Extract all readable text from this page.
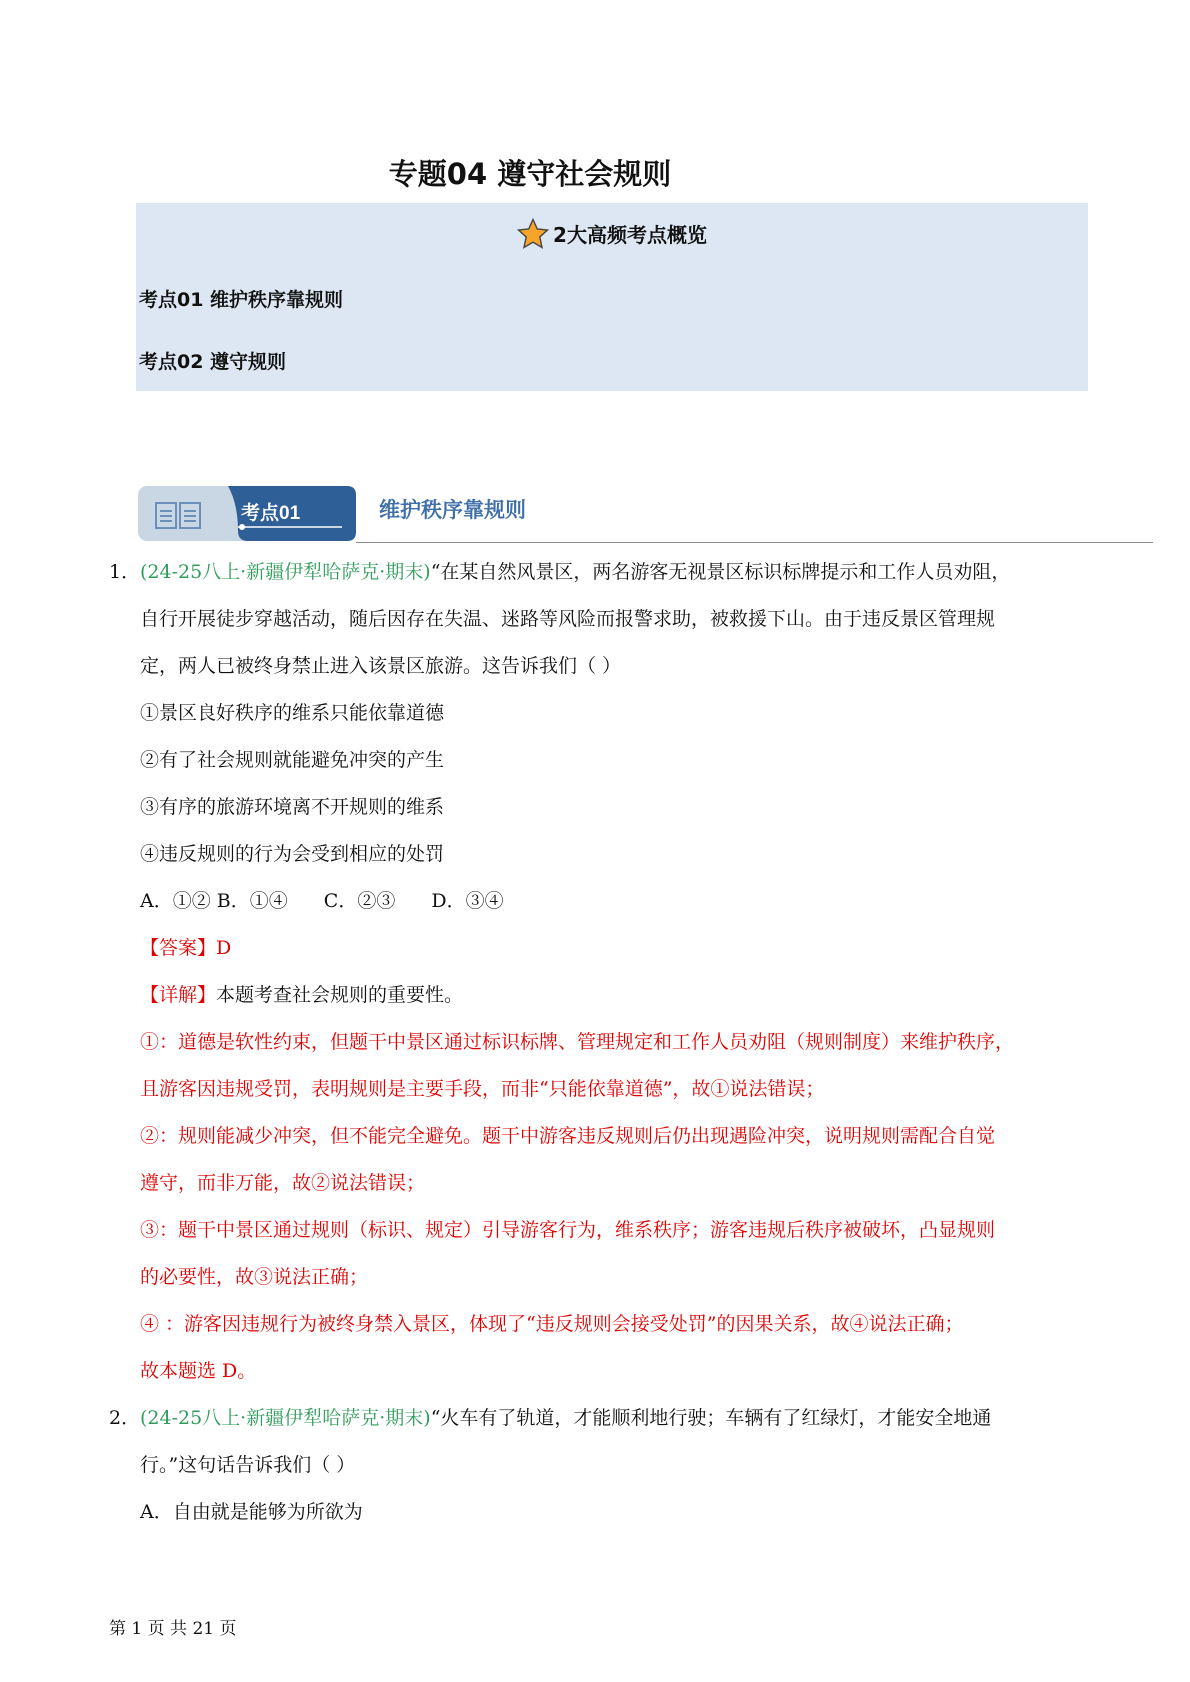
专题04 遵守社会规则
2大高频考点概览
考点01 维护秩序靠规则
考点02 遵守规则
考点01	维护秩序靠规则
1． (24-25八上·新疆伊犁哈萨克·期末)“在某自然风景区，两名游客无视景区标识标牌提示和工作人员劝阻，
自行开展徒步穿越活动，随后因存在失温、迷路等风险而报警求助，被救援下山。由于违反景区管理规
定，两人已被终身禁止进入该景区旅游。这告诉我们（ ）
①景区良好秩序的维系只能依靠道德
②有了社会规则就能避免冲突的产生
③有序的旅游环境离不开规则的维系
④违反规则的行为会受到相应的处罚
A．①② B．①④ C．②③ D．③④
【答案】D
【详解】本题考查社会规则的重要性。
①：道德是软性约束，但题干中景区通过标识标牌、管理规定和工作人员劝阻（规则制度）来维护秩序，
且游客因违规受罚，表明规则是主要手段，而非“只能依靠道德”，故①说法错误；
②：规则能减少冲突，但不能完全避免。题干中游客违反规则后仍出现遇险冲突，说明规则需配合自觉
遵守，而非万能，故②说法错误；
③：题干中景区通过规则（标识、规定）引导游客行为，维系秩序；游客违规后秩序被破坏，凸显规则
的必要性，故③说法正确；
④ ：游客因违规行为被终身禁入景区，体现了“违反规则会接受处罚”的因果关系，故④说法正确；
故本题选 D。
2． (24-25八上·新疆伊犁哈萨克·期末)“火车有了轨道，才能顺利地行驶；车辆有了红绿灯，才能安全地通
行。”这句话告诉我们（ ）
A．自由就是能够为所欲为
第 1 页 共 21 页
